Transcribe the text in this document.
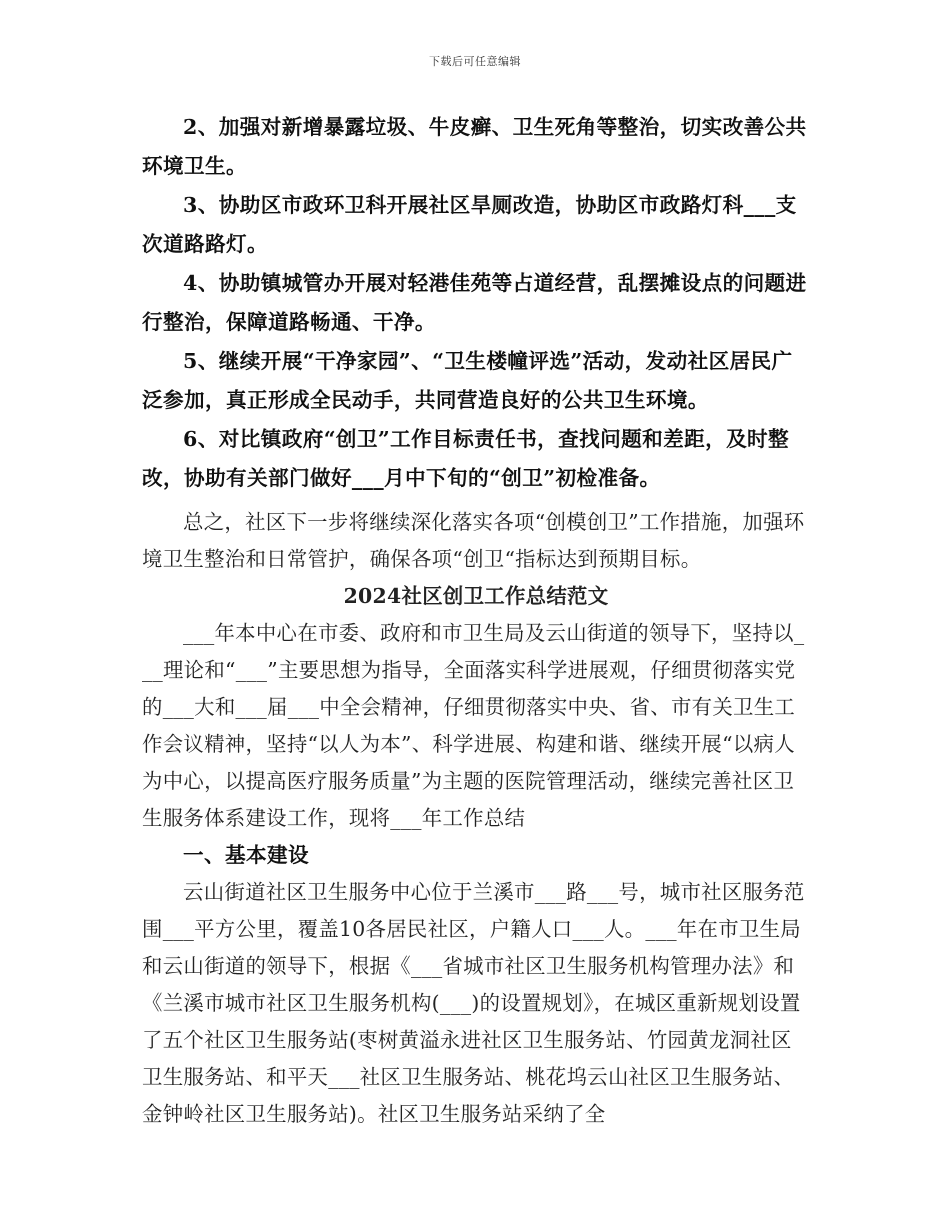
下载后可任意编辑

2、加强对新增暴露垃圾、牛皮癣、卫生死角等整治，切实改善公共环境卫生。

3、协助区市政环卫科开展社区旱厕改造，协助区市政路灯科___支次道路路灯。

4、协助镇城管办开展对轻港佳苑等占道经营，乱摆摊设点的问题进行整治，保障道路畅通、干净。

5、继续开展“干净家园”、“卫生楼幢评选”活动，发动社区居民广泛参加，真正形成全民动手，共同营造良好的公共卫生环境。

6、对比镇政府“创卫”工作目标责任书，查找问题和差距，及时整改，协助有关部门做好___月中下旬的“创卫”初检准备。

总之，社区下一步将继续深化落实各项“创模创卫”工作措施，加强环境卫生整治和日常管护，确保各项“创卫“指标达到预期目标。

2024社区创卫工作总结范文

___年本中心在市委、政府和市卫生局及云山街道的领导下，坚持以___理论和“___”主要思想为指导，全面落实科学进展观，仔细贯彻落实党的___大和___届___中全会精神，仔细贯彻落实中央、省、市有关卫生工作会议精神，坚持“以人为本”、科学进展、构建和谐、继续开展“以病人为中心，以提高医疗服务质量”为主题的医院管理活动，继续完善社区卫生服务体系建设工作，现将___年工作总结

一、基本建设

云山街道社区卫生服务中心位于兰溪市___路___号，城市社区服务范围___平方公里，覆盖10各居民社区，户籍人口___人。___年在市卫生局和云山街道的领导下，根据《___省城市社区卫生服务机构管理办法》和《兰溪市城市社区卫生服务机构(___)的设置规划》，在城区重新规划设置了五个社区卫生服务站(枣树黄溢永进社区卫生服务站、竹园黄龙洞社区卫生服务站、和平天___社区卫生服务站、桃花坞云山社区卫生服务站、金钟岭社区卫生服务站)。社区卫生服务站采纳了全
